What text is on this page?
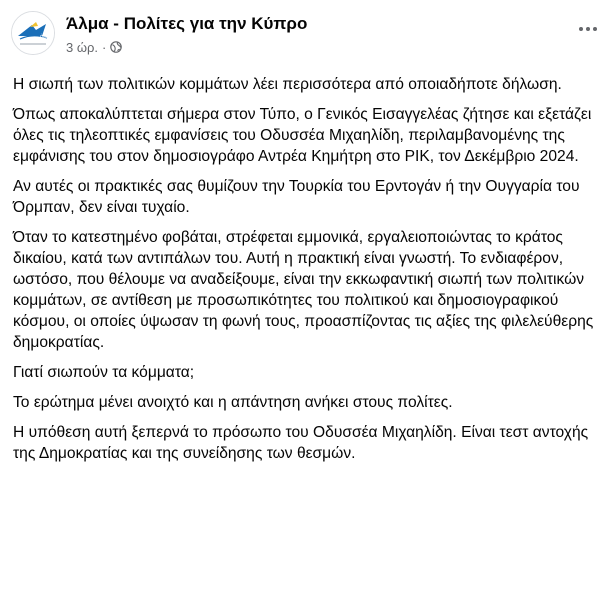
άλμα
Άλμα - Πολίτες για την Κύπρο
3 ώρ. ·

Η σιωπή των πολιτικών κομμάτων λέει περισσότερα από οποιαδήποτε δήλωση.

Όπως αποκαλύπτεται σήμερα στον Τύπο, ο Γενικός Εισαγγελέας ζήτησε και εξετάζει όλες τις τηλεοπτικές εμφανίσεις του Οδυσσέα Μιχαηλίδη, περιλαμβανομένης της εμφάνισης του στον δημοσιογράφο Αντρέα Κημήτρη στο ΡΙΚ, τον Δεκέμβριο 2024.

Αν αυτές οι πρακτικές σας θυμίζουν την Τουρκία του Ερντογάν ή την Ουγγαρία του Όρμπαν, δεν είναι τυχαίο.

Όταν το κατεστημένο φοβάται, στρέφεται εμμονικά, εργαλειοποιώντας το κράτος δικαίου, κατά των αντιπάλων του. Αυτή η πρακτική είναι γνωστή. Το ενδιαφέρον, ωστόσο, που θέλουμε να αναδείξουμε, είναι την εκκωφαντική σιωπή των πολιτικών κομμάτων, σε αντίθεση με προσωπικότητες του πολιτικού και δημοσιογραφικού κόσμου, οι οποίες ύψωσαν τη φωνή τους, προασπίζοντας τις αξίες της φιλελεύθερης δημοκρατίας.

Γιατί σιωπούν τα κόμματα;

Το ερώτημα μένει ανοιχτό και η απάντηση ανήκει στους πολίτες.

Η υπόθεση αυτή ξεπερνά το πρόσωπο του Οδυσσέα Μιχαηλίδη. Είναι τεστ αντοχής της Δημοκρατίας και της συνείδησης των θεσμών.
